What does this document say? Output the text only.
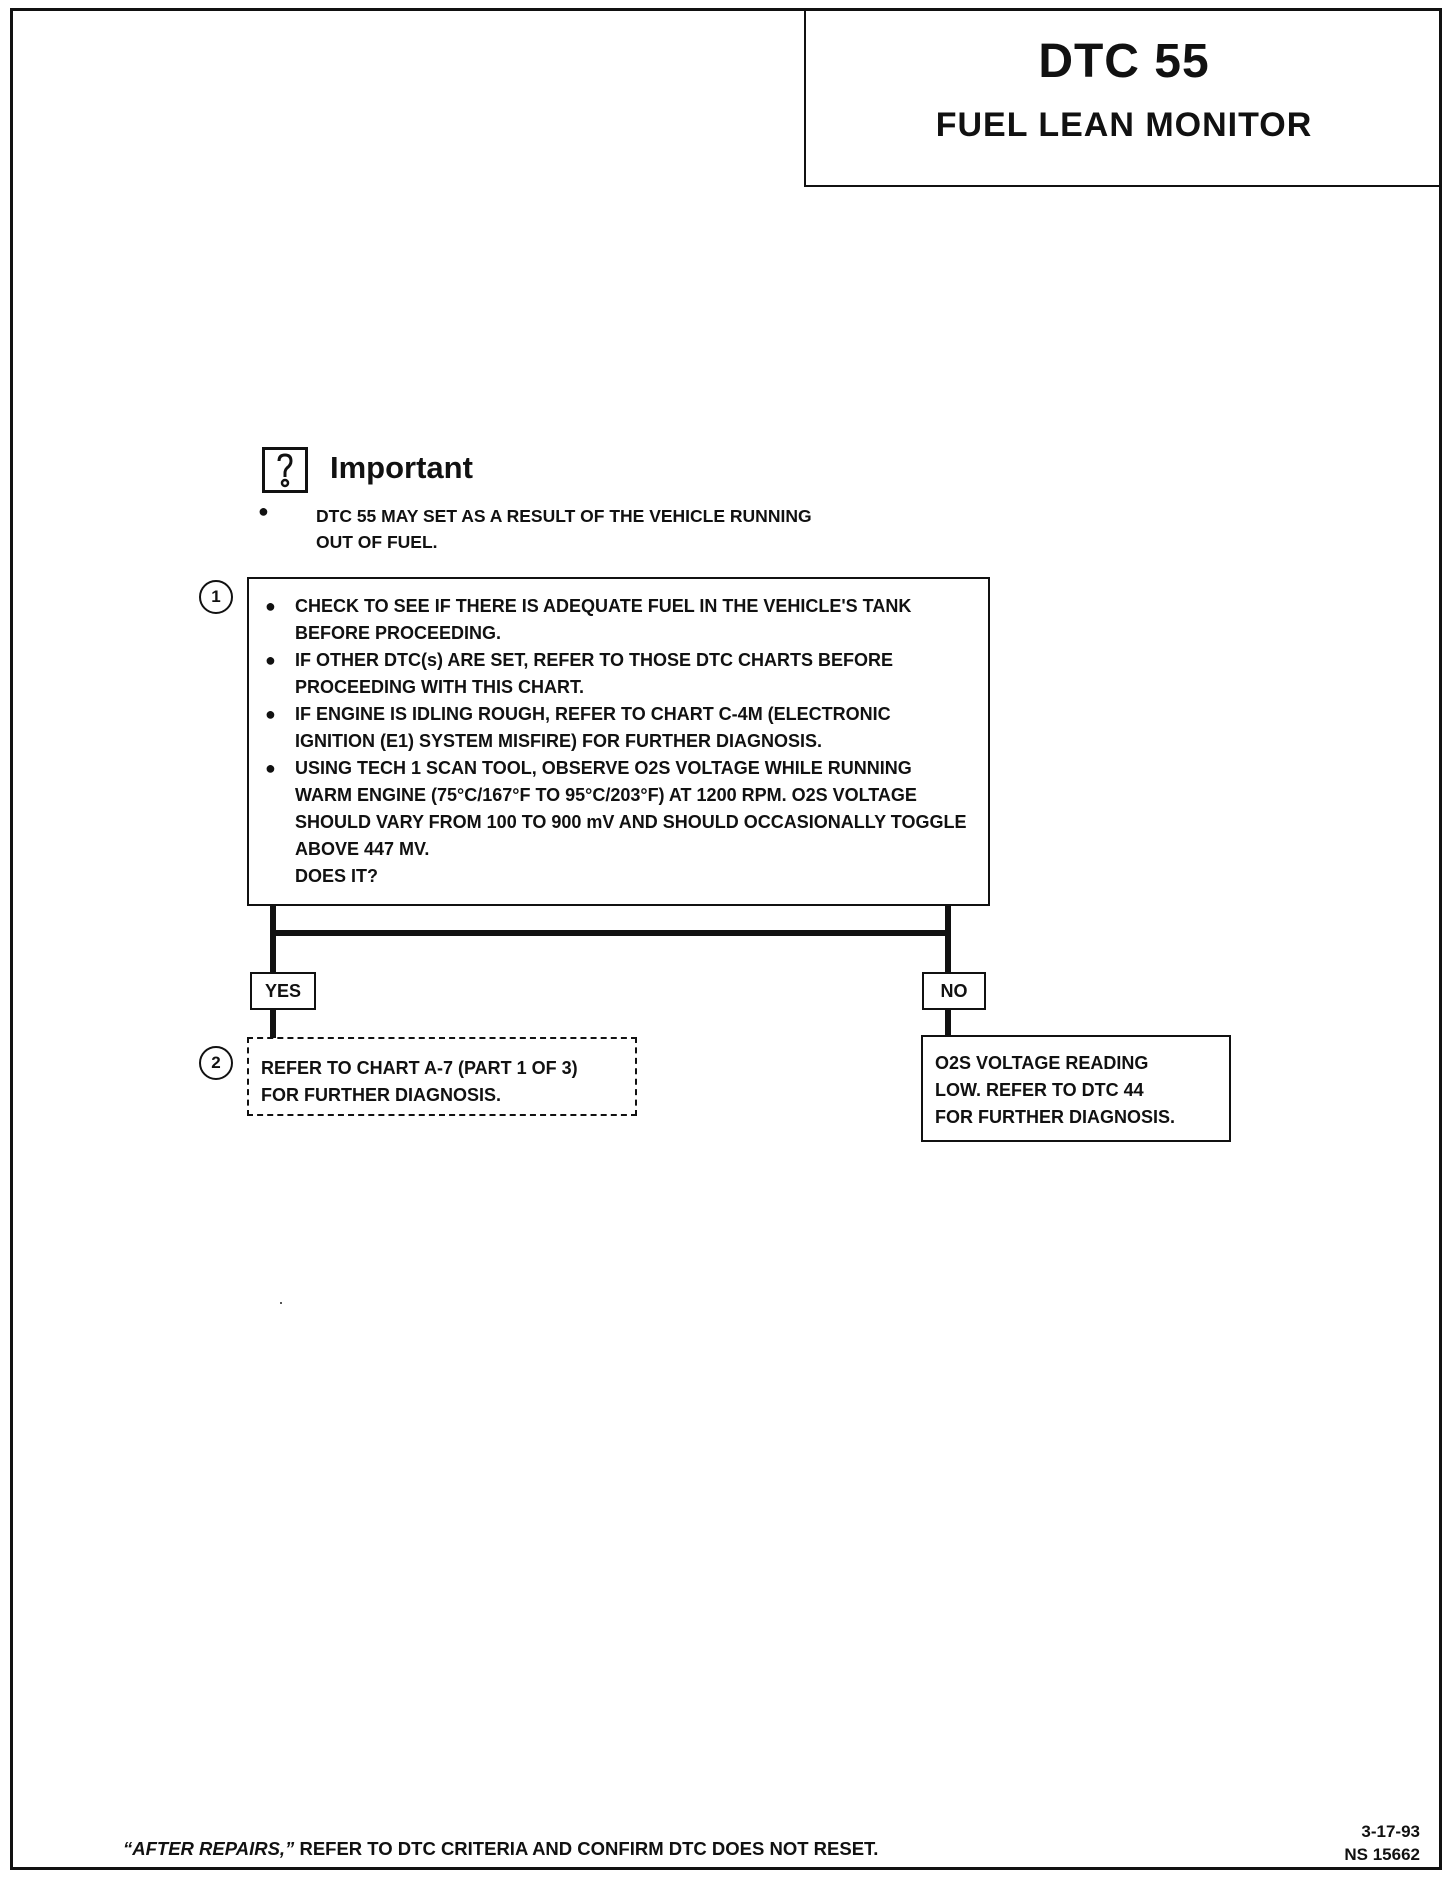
DTC 55
FUEL LEAN MONITOR
Important
●	DTC 55 MAY SET AS A RESULT OF THE VEHICLE RUNNING OUT OF FUEL.
1	● CHECK TO SEE IF THERE IS ADEQUATE FUEL IN THE VEHICLE'S TANK BEFORE PROCEEDING.
● IF OTHER DTC(s) ARE SET, REFER TO THOSE DTC CHARTS BEFORE PROCEEDING WITH THIS CHART.
● IF ENGINE IS IDLING ROUGH, REFER TO CHART C-4M (ELECTRONIC IGNITION (E1) SYSTEM MISFIRE) FOR FURTHER DIAGNOSIS.
● USING TECH 1 SCAN TOOL, OBSERVE O2S VOLTAGE WHILE RUNNING WARM ENGINE (75°C/167°F TO 95°C/203°F) AT 1200 RPM. O2S VOLTAGE SHOULD VARY FROM 100 TO 900 mV AND SHOULD OCCASIONALLY TOGGLE ABOVE 447 MV.
DOES IT?
YES	NO
2	REFER TO CHART A-7 (PART 1 OF 3)
FOR FURTHER DIAGNOSIS.
O2S VOLTAGE READING
LOW. REFER TO DTC 44
FOR FURTHER DIAGNOSIS.
“AFTER REPAIRS,” REFER TO DTC CRITERIA AND CONFIRM DTC DOES NOT RESET.
3-17-93
NS 15662
